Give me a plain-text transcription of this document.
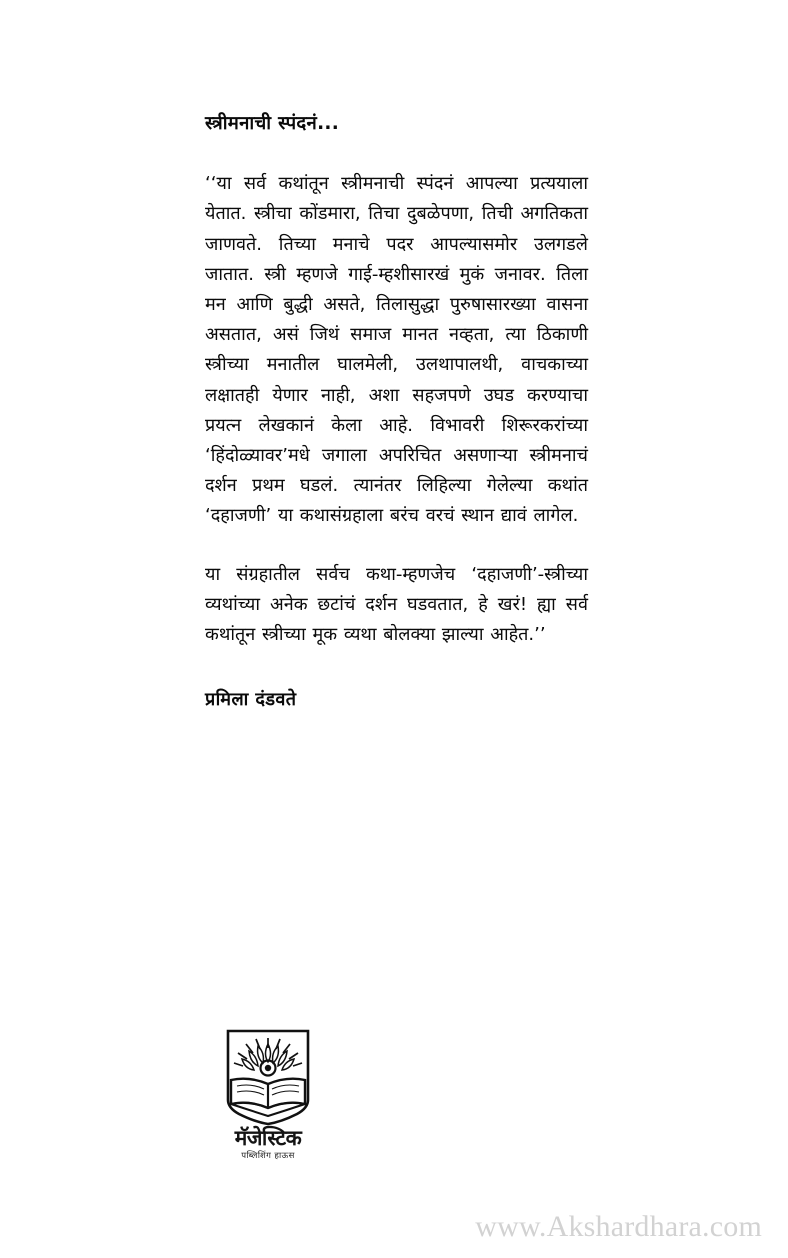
स्त्रीमनाची स्पंदनं...

‘‘या सर्व कथांतून स्त्रीमनाची स्पंदनं आपल्या प्रत्ययाला येतात. स्त्रीचा कोंडमारा, तिचा दुबळेपणा, तिची अगतिकता जाणवते. तिच्या मनाचे पदर आपल्यासमोर उलगडले जातात. स्त्री म्हणजे गाई-म्हशीसारखं मुकं जनावर. तिला मन आणि बुद्धी असते, तिलासुद्धा पुरुषासारख्या वासना असतात, असं जिथं समाज मानत नव्हता, त्या ठिकाणी स्त्रीच्या मनातील घालमेली, उलथापालथी, वाचकाच्या लक्षातही येणार नाही, अशा सहजपणे उघड करण्याचा प्रयत्न लेखकानं केला आहे. विभावरी शिरूरकरांच्या ‘हिंदोळ्यावर’मधे जगाला अपरिचित असणाऱ्या स्त्रीमनाचं दर्शन प्रथम घडलं. त्यानंतर लिहिल्या गेलेल्या कथांत ‘दहाजणी’ या कथासंग्रहाला बरंच वरचं स्थान द्यावं लागेल.

या संग्रहातील सर्वच कथा-म्हणजेच ‘दहाजणी’-स्त्रीच्या व्यथांच्या अनेक छटांचं दर्शन घडवतात, हे खरं! ह्या सर्व कथांतून स्त्रीच्या मूक व्यथा बोलक्या झाल्या आहेत.’’

प्रमिला दंडवते
मॅजेस्टिक
पब्लिशिंग हाऊस
www.Akshardhara.com
